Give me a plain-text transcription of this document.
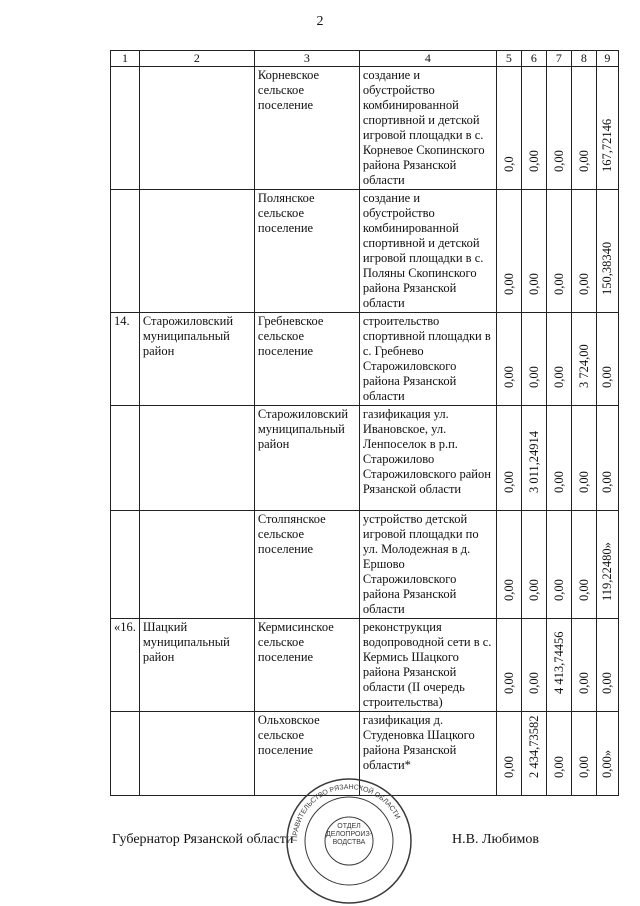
2
1	2	3	4	5	6	7	8	9
		Корневское сельское поселение	создание и обустройство комбинированной спортивной и детской игровой площадки в с. Корневое Скопинского района Рязанской области	0,0	0,00	0,00	0,00	167,72146

		Полянское сельское поселение	создание и обустройство комбинированной спортивной и детской игровой площадки в с. Поляны Скопинского района Рязанской области	0,00	0,00	0,00	0,00	150,38340

14.	Старожиловский муниципальный район	Гребневское сельское поселение	строительство спортивной площадки в с. Гребнево Старожиловского района Рязанской области	0,00	0,00	0,00	3 724,00	0,00

		Старожиловский муниципальный район	газификация ул. Ивановское, ул. Ленпоселок в р.п. Старожилово Старожиловского район Рязанской области	0,00	3 011,24914	0,00	0,00	0,00

		Столпянское сельское поселение	устройство детской игровой площадки по ул. Молодежная в д. Ершово Старожиловского района Рязанской области	0,00	0,00	0,00	0,00	119,22480»

«16.	Шацкий муниципальный район	Кермисинское сельское поселение	реконструкция водопроводной сети в с. Кермись Шацкого района Рязанской области (II очередь строительства)	0,00	0,00	4 413,74456	0,00	0,00

		Ольховское сельское поселение	газификация д. Студеновка Шацкого района Рязанской области*	0,00	2 434,73582	0,00	0,00	0,00»
Губернатор Рязанской области	Н.В. Любимов
ПРАВИТЕЛЬСТВО РЯЗАНСКОЙ ОБЛАСТИ
ОТДЕЛ ДЕЛОПРОИЗ- ВОДСТВА
